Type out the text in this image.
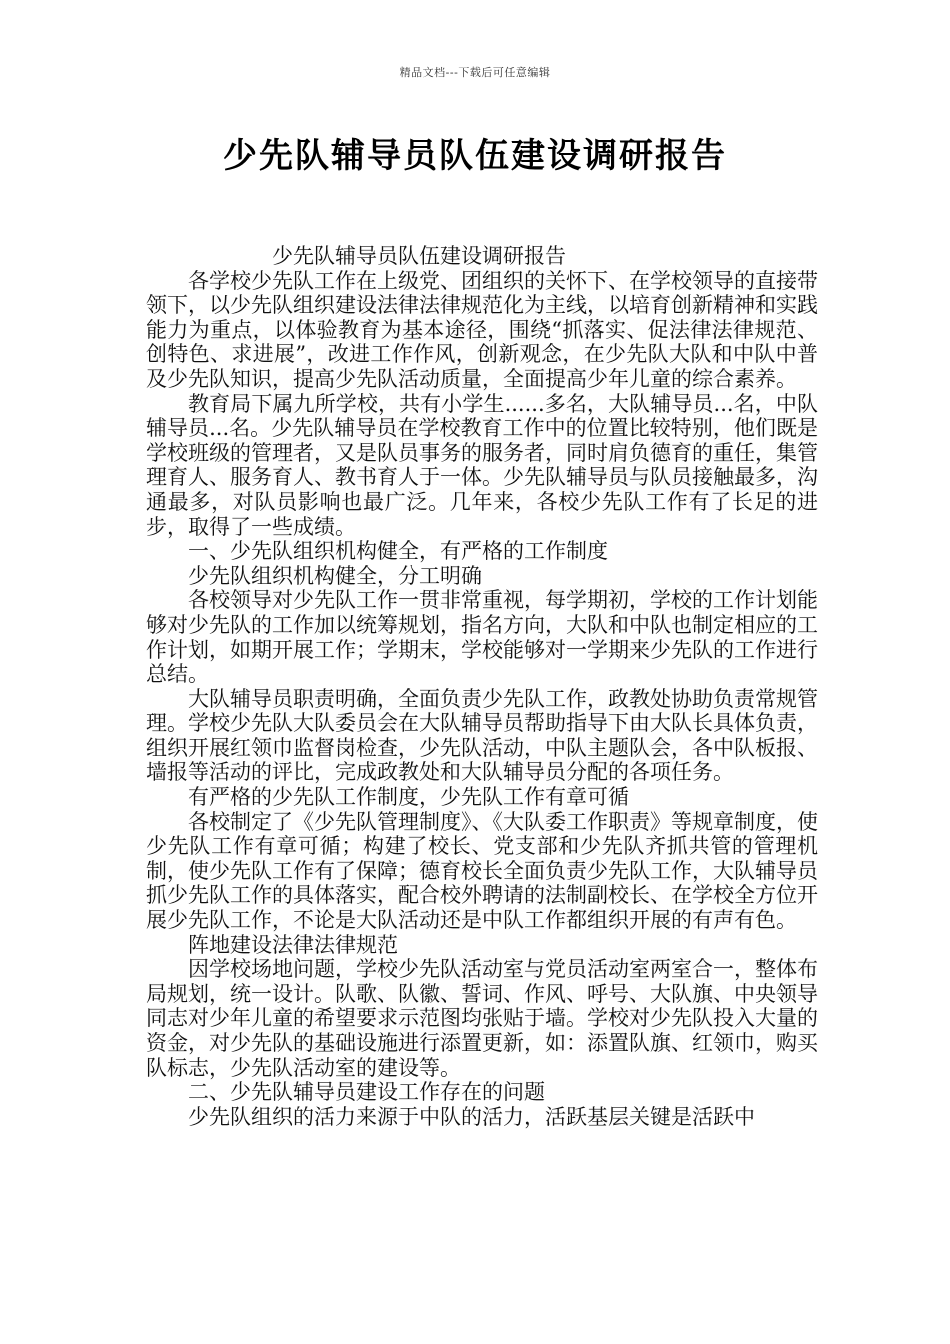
精品文档---下载后可任意编辑
少先队辅导员队伍建设调研报告

少先队辅导员队伍建设调研报告

各学校少先队工作在上级党、团组织的关怀下、在学校领导的直接带领下，以少先队组织建设法律法律规范化为主线，以培育创新精神和实践能力为重点，以体验教育为基本途径，围绕“抓落实、促法律法律规范、创特色、求进展”，改进工作作风，创新观念，在少先队大队和中队中普及少先队知识，提高少先队活动质量，全面提高少年儿童的综合素养。

教育局下属九所学校，共有小学生......多名，大队辅导员...名，中队辅导员...名。少先队辅导员在学校教育工作中的位置比较特别，他们既是学校班级的管理者，又是队员事务的服务者，同时肩负德育的重任，集管理育人、服务育人、教书育人于一体。少先队辅导员与队员接触最多，沟通最多，对队员影响也最广泛。几年来，各校少先队工作有了长足的进步，取得了一些成绩。

一、少先队组织机构健全，有严格的工作制度

少先队组织机构健全，分工明确

各校领导对少先队工作一贯非常重视，每学期初，学校的工作计划能够对少先队的工作加以统筹规划，指名方向，大队和中队也制定相应的工作计划，如期开展工作；学期末，学校能够对一学期来少先队的工作进行总结。

大队辅导员职责明确，全面负责少先队工作，政教处协助负责常规管理。学校少先队大队委员会在大队辅导员帮助指导下由大队长具体负责，组织开展红领巾监督岗检查，少先队活动，中队主题队会，各中队板报、墙报等活动的评比，完成政教处和大队辅导员分配的各项任务。

有严格的少先队工作制度，少先队工作有章可循

各校制定了《少先队管理制度》、《大队委工作职责》等规章制度，使少先队工作有章可循；构建了校长、党支部和少先队齐抓共管的管理机制，使少先队工作有了保障；德育校长全面负责少先队工作，大队辅导员抓少先队工作的具体落实，配合校外聘请的法制副校长、在学校全方位开展少先队工作，不论是大队活动还是中队工作都组织开展的有声有色。

阵地建设法律法律规范

因学校场地问题，学校少先队活动室与党员活动室两室合一，整体布局规划，统一设计。队歌、队徽、誓词、作风、呼号、大队旗、中央领导同志对少年儿童的希望要求示范图均张贴于墙。学校对少先队投入大量的资金，对少先队的基础设施进行添置更新，如：添置队旗、红领巾，购买队标志，少先队活动室的建设等。

二、少先队辅导员建设工作存在的问题

少先队组织的活力来源于中队的活力，活跃基层关键是活跃中
